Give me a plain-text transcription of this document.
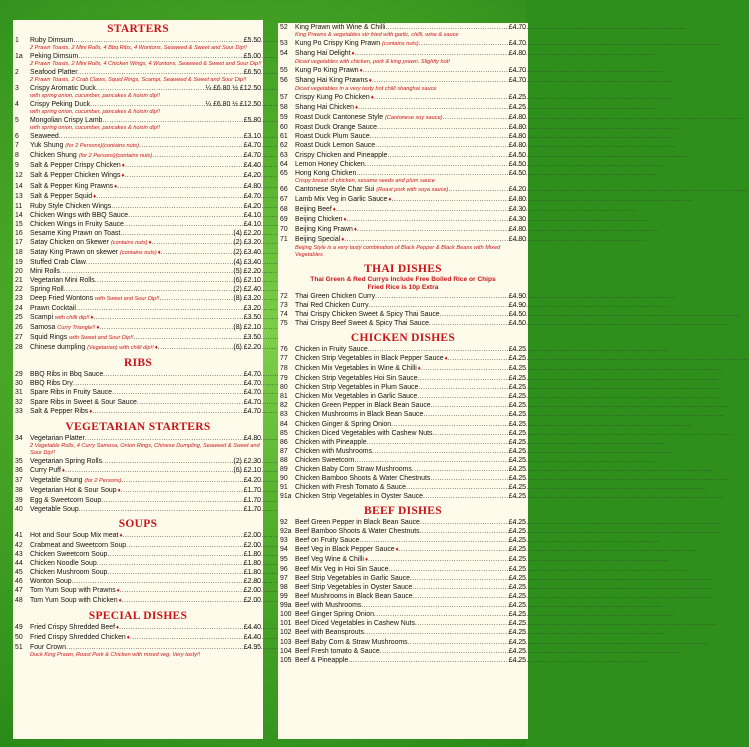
STARTERS
1	Ruby Dimsum .....	£5.50
2 Prawn Toasts, 2 Mini Rolls, 4 Bbq Ribs, 4 Wontons, Seaweed & Sweet and Sour Dip!!
1a	Peking Dimsum .....	£5.00
2 Prawn Toasts, 2 Mini Rolls, 4 Chicken Wings, 4 Wontons, Seaweed & Sweet and Sour Dip!!
2	Seafood Platter .....	£6.50
2 Prawn Toasts, 2 Crab Claws, Squid Rings, Scampi, Seaweed & Sweet and Sour Dip!!
3	Crispy Aromatic Duck .....	¼ £6.80 ½ £12.50
with spring onion, cucumber, pancakes & hoisin dip!!
4	Crispy Peking Duck .....	¼ £6.80 ½ £12.50
with spring onion, cucumber, pancakes & hoisin dip!!
5	Mongolian Crispy Lamb .....	£5.80
with spring onion, cucumber, pancakes & hoisin dip!!
6	Seaweed .....	£3.10
7	Yuk Shung (for 2 Persons)(contains nuts) .....	£4.70
8	Chicken Shung (for 2 Persons)(contains nuts) .....	£4.70
9	Salt & Pepper Crispy Chicken♦ .....	£4.40
12	Salt & Pepper Chicken Wings♦ .....	£4.20
14	Salt & Pepper King Prawns♦ .....	£4.80
13	Salt & Pepper Squid♦ .....	£4.70
11	Ruby Style Chicken Wings .....	£4.20
14	Chicken Wings with BBQ Sauce .....	£4.10
15	Chicken Wings in Fruity Sauce .....	£4.10
16	Sesame King Prawn on Toast .....	(4) £2.20
17	Satay Chicken on Skewer (contains nuts)♦ .....	(2) £3.20
18	Satay King Prawn on skewer (contains nuts)♦ .....	(2) £3.40
19	Stuffed Crab Claw .....	(4) £3.40
20	Mini Rolls .....	(5) £2.20
21	Vegetarian Mini Rolls .....	(6) £2.10
22	Spring Roll .....	(2) £2.40
23	Deep Fried Wontons with Sweet and Sour Dip!! .....	(8) £3.20
24	Prawn Cocktail .....	£3.20
25	Scampi with chilli dip!!♦ .....	£3.50
26	Samosa Curry Triangle!!♦ .....	(8) £2.10
27	Squid Rings with Sweet and Sour Dip!! .....	£3.50
28	Chinese dumpling (Vegetarian) with chilli dip!!♦ .....	(6) £2.20
RIBS
29	BBQ Ribs in Bbq Sauce .....	£4.70
30	BBQ Ribs Dry .....	£4.70
31	Spare Ribs in Fruity Sauce .....	£4.70
32	Spare Ribs in Sweet & Sour Sauce .....	£4.70
33	Salt & Pepper Ribs♦ .....	£4.70
VEGETARIAN STARTERS
34	Vegetarian Platter .....	£4.80
2 Vegetable Rolls, 4 Curry Samosa, Onion Rings, Chinese Dumpling, Seaweed & Sweet and Sour Dip!!
35	Vegetarian Spring Rolls .....	(2) £2.30
36	Curry Puff♦ .....	(6) £2.10
37	Vegetable Shung (for 2 Persons) .....	£4.20
38	Vegetarian Hot & Sour Soup♦ .....	£1.70
39	Egg & Sweetcorn Soup .....	£1.70
40	Vegetable Soup .....	£1.70
SOUPS
41	Hot and Sour Soup Mix meat♦ .....	£2.00
42	Crabmeat and Sweetcorn Soup .....	£2.00
43	Chicken Sweetcorn Soup .....	£1.80
44	Chicken Noodle Soup .....	£1.80
45	Chicken Mushroom Soup .....	£1.80
46	Wonton Soup .....	£2.80
47	Tom Yum Soup with Prawns♦ .....	£2.00
48	Tom Yum Soup with Chicken♦ .....	£2.00
SPECIAL DISHES
49	Fried Crispy Shredded Beef♦ .....	£4.40
50	Fried Crispy Shredded Chicken♦ .....	£4.40
51	Four Crown .....	£4.95
Duck King Prawn, Roast Pork & Chicken with mixed veg. Very tasty!!
52	King Prawn with Wine & Chilli .....	£4.70
King Prawns & vegetables stir fried with garlic, chilli, wine & sauce
53	Kung Po Crispy King Prawn (contains nuts) .....	£4.70
54	Shang Hai Delight♦ .....	£4.80
Diced vegetables with chicken, pork & king prawn. Slightly hot!
55	Kung Po King Prawn♦ .....	£4.70
56	Shang Hai King Prawns♦ .....	£4.70
Diced vegetables in a very tasty hot chilli shanghai sauce
57	Crispy Kung Po Chicken♦ .....	£4.25
58	Shang Hai Chicken♦ .....	£4.25
59	Roast Duck Cantonese Style (Cantonese soy sauce) .....	£4.80
60	Roast Duck Orange Sauce .....	£4.80
61	Roast Duck Plum Sauce .....	£4.80
62	Roast Duck Lemon Sauce .....	£4.80
63	Crispy Chicken and Pineapple .....	£4.50
64	Lemon Honey Chicken .....	£4.50
65	Hong Kong Chicken .....	£4.50
Crispy breast of chicken, sesame seeds and plum sauce
66	Cantonese Style Char Sui (Roast pork with soya sauce) .....	£4.20
67	Lamb Mix Veg in Garlic Sauce♦ .....	£4.80
68	Beijing Beef♦ .....	£4.30
69	Beijing Chicken♦ .....	£4.30
70	Beijing King Prawn♦ .....	£4.80
71	Beijing Special♦ .....	£4.80
Beijing Style is a very tasty combination of Black Pepper & Black Beans with Mixed Vegetables
THAI DISHES
Thai Green & Red Currys Include Free Boiled Rice or Chips
Fried Rice is 10p Extra
72	Thai Green Chicken Curry .....	£4.90
73	Thai Red Chicken Curry .....	£4.90
74	Thai Crispy Chicken Sweet & Spicy Thai Sauce .....	£4.50
75	Thai Crispy Beef Sweet & Spicy Thai Sauce .....	£4.50
CHICKEN DISHES
76	Chicken in Fruity Sauce .....	£4.25
77	Chicken Strip Vegetables in Black Pepper Sauce♦ .....	£4.25
78	Chicken Mix Vegetables in Wine & Chilli♦ .....	£4.25
79	Chicken Strip Vegetables Hoi Sin Sauce .....	£4.25
80	Chicken Strip Vegetables in Plum Sauce .....	£4.25
81	Chicken Mix Vegetables in Garlic Sauce .....	£4.25
82	Chicken Green Pepper in Black Bean Sauce .....	£4.25
83	Chicken Mushrooms in Black Bean Sauce .....	£4.25
84	Chicken Ginger & Spring Onion .....	£4.25
85	Chicken Diced Vegetables with Cashew Nuts .....	£4.25
86	Chicken with Pineapple .....	£4.25
87	Chicken with Mushrooms .....	£4.25
88	Chicken Sweetcorn .....	£4.25
89	Chicken Baby Corn Straw Mushrooms .....	£4.25
90	Chicken Bamboo Shoots & Water Chestnuts .....	£4.25
91	Chicken with Fresh Tomato & Sauce .....	£4.25
91a Chicken Strip Vegetables in Oyster Sauce .....	£4.25
BEEF DISHES
92	Beef Green Pepper in Black Bean Sauce .....	£4.25
92a Beef Bamboo Shoots & Water Chestnuts .....	£4.25
93	Beef on Fruity Sauce .....	£4.25
94	Beef Veg in Black Pepper Sauce♦ .....	£4.25
95	Beef Veg Wine & Chilli♦ .....	£4.25
96	Beef Mix Veg in Hoi Sin Sauce .....	£4.25
97	Beef Strip Vegetables in Garlic Sauce .....	£4.25
98	Beef Strip Vegetables in Oyster Sauce .....	£4.25
99	Beef Mushrooms in Black Bean Sauce .....	£4.25
99a Beef with Mushrooms .....	£4.25
100 Beef Ginger Spring Onion .....	£4.25
101 Beef Diced Vegetables in Cashew Nuts .....	£4.25
102 Beef with Beansprouts .....	£4.25
103 Beef Baby Corn & Straw Mushrooms .....	£4.25
104 Beef Fresh tomato & Sauce .....	£4.25
105 Beef & Pineapple .....	£4.25
